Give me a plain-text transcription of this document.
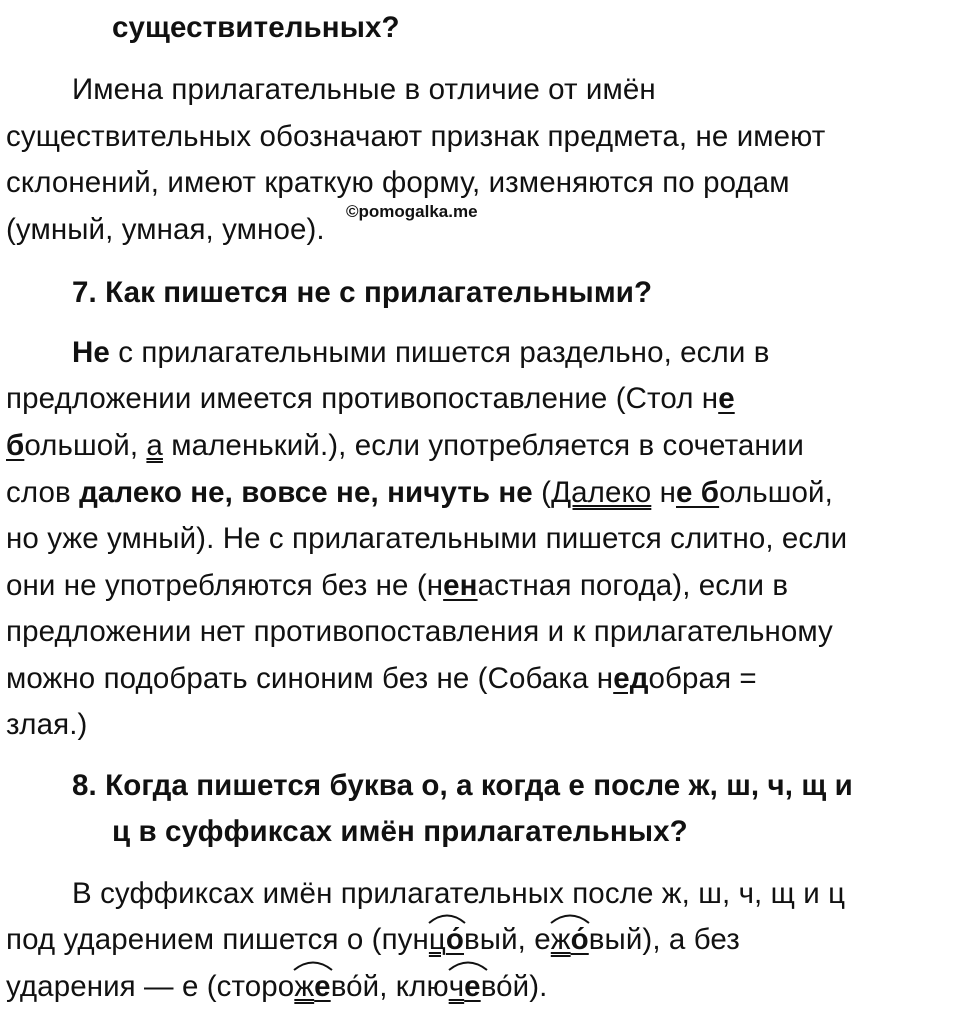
существительных?
Имена прилагательные в отличие от имён
существительных обозначают признак предмета, не имеют
склонений, имеют краткую форму, изменяются по родам
(умный, умная, умное).
©pomogalka.me
7. Как пишется не с прилагательными?
Не с прилагательными пишется раздельно, если в
предложении имеется противопоставление (Стол не
большой, а маленький.), если употребляется в сочетании
слов далеко не, вовсе не, ничуть не (Далеко не большой,
но уже умный). Не с прилагательными пишется слитно, если
они не употребляются без не (ненастная погода), если в
предложении нет противопоставления и к прилагательному
можно подобрать синоним без не (Собака недобрая =
злая.)
8. Когда пишется буква о, а когда е после ж, ш, ч, щ и
ц в суффиксах имён прилагательных?
В суффиксах имён прилагательных после ж, ш, ч, щ и ц
под ударением пишется о (пунц
о́вый, еж
о́вый), а без
ударения — е (сторож
ево́й, ключ
ево́й).
